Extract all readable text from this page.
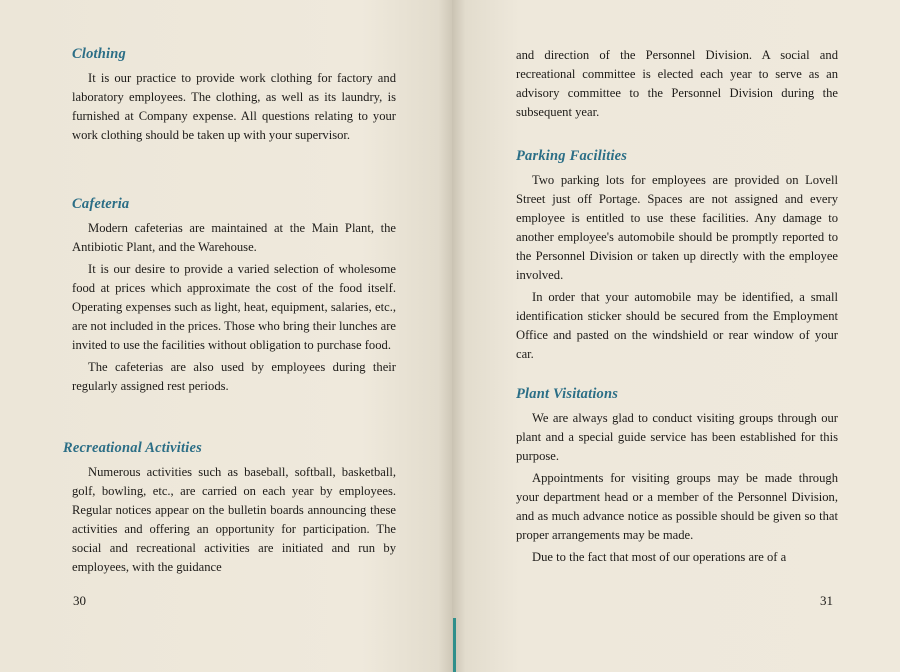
Clothing

It is our practice to provide work clothing for factory and laboratory employees. The clothing, as well as its laundry, is furnished at Company expense. All questions relating to your work clothing should be taken up with your supervisor.

Cafeteria

Modern cafeterias are maintained at the Main Plant, the Antibiotic Plant, and the Warehouse.

It is our desire to provide a varied selection of wholesome food at prices which approximate the cost of the food itself. Operating expenses such as light, heat, equipment, salaries, etc., are not included in the prices. Those who bring their lunches are invited to use the facilities without obligation to purchase food.

The cafeterias are also used by employees during their regularly assigned rest periods.

Recreational Activities

Numerous activities such as baseball, softball, basketball, golf, bowling, etc., are carried on each year by employees. Regular notices appear on the bulletin boards announcing these activities and offering an opportunity for participation. The social and recreational activities are initiated and run by employees, with the guidance

30

and direction of the Personnel Division. A social and recreational committee is elected each year to serve as an advisory committee to the Personnel Division during the subsequent year.

Parking Facilities

Two parking lots for employees are provided on Lovell Street just off Portage. Spaces are not assigned and every employee is entitled to use these facilities. Any damage to another employee's automobile should be promptly reported to the Personnel Division or taken up directly with the employee involved.

In order that your automobile may be identified, a small identification sticker should be secured from the Employment Office and pasted on the windshield or rear window of your car.

Plant Visitations

We are always glad to conduct visiting groups through our plant and a special guide service has been established for this purpose.

Appointments for visiting groups may be made through your department head or a member of the Personnel Division, and as much advance notice as possible should be given so that proper arrangements may be made.

Due to the fact that most of our operations are of a

31
